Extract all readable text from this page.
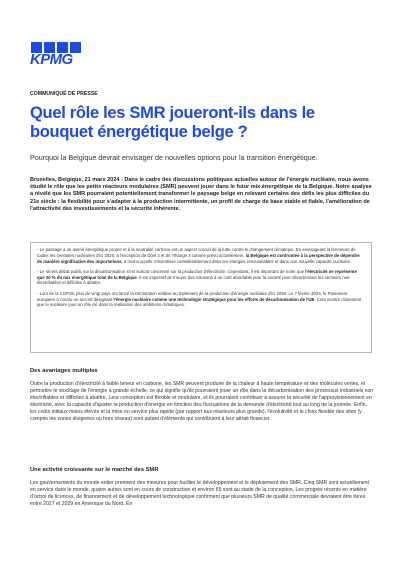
KPMG
COMMUNIQUÉ DE PRESSE
Quel rôle les SMR joueront-ils dans le bouquet énergétique belge ?

Pourquoi la Belgique devrait envisager de nouvelles options pour la transition énergétique.

Bruxelles, Belgique, 21 mars 2024 - Dans le cadre des discussions politiques actuelles autour de l'énergie nucléaire, nous avons étudié le rôle que les petits réacteurs modulaires (SMR) peuvent jouer dans le futur mix énergétique de la Belgique. Notre analyse a révélé que les SMR pourraient potentiellement transformer le paysage belge en relevant certains des défis les plus difficiles du 21e siècle : la flexibilité pour s'adapter à la production intermittente, un profil de charge de base stable et fiable, l'amélioration de l'attractivité des investissements et la sécurité inhérente.

- Le passage à un avenir énergétique propre et à la neutralité carbone est un aspect crucial de la lutte contre le changement climatique. En envisageant la fermeture de toutes les centrales nucléaires d'ici 2025, à l'exception de Doel 4 et de Tihange 3 comme prévu actuellement, la Belgique est confrontée à la perspective de dépendre de manière significative des importations, à moins qu'elle n'investisse considérablement dans les énergies renouvelables et dans une nouvelle capacité nucléaire.

- Le récent débat public sur la décarbonisation s'est surtout concentré sur la production d'électricité. Cependant, il est important de noter que l'électricité ne représente que 20 % du mix énergétique total de la Belgique. Il est impératif de trouver des solutions à un coût abordable pour la société pour décarboniser les secteurs non-électrifiables et difficiles à abattre.

- Lors de la COP28, plus de vingt pays ont lancé la Déclaration relative au triplement de la production d'énergie nucléaire d'ici 2050. Le 7 février 2024, le Parlement européen a conclu un accord désignant l'énergie nucléaire comme une technologie stratégique pour les efforts de décarbonisation de l'UE. Cela montre clairement que le nucléaire joue un rôle clé dans la réalisation des ambitions climatiques.

Des avantages multiples

Outre la production d'électricité à faible teneur en carbone, les SMR peuvent produire de la chaleur à haute température et des molécules vertes, et permettre le stockage de l'énergie à grande échelle, ce qui signifie qu'ils pourraient jouer un rôle dans la décarbonisation des processus industriels non électrifiables et difficiles à abattre. Leur conception est flexible et modulaire, et ils pourraient contribuer à assurer la sécurité de l'approvisionnement en électricité, avec la capacité d'ajuster la production d'énergie en fonction des fluctuations de la demande d'électricité tout au long de la journée. Enfin, les coûts initiaux moins élevés et la mise en service plus rapide (par rapport aux réacteurs plus grands), l'évolutivité et le choix flexible des sites (y compris les zones éloignées ou hors réseau) sont autant d'éléments qui contribuent à leur attrait financier.

Une activité croissante sur le marché des SMR

Les gouvernements du monde entier prennent des mesures pour faciliter le développement et le déploiement des SMR. Cinq SMR sont actuellement en service dans le monde, quatre autres sont en cours de construction et environ 65 sont au stade de la conception. Les progrès récents en matière d'octroi de licences, de financement et de développement technologique confirment que plusieurs SMR de qualité commerciale devraient être livrés entre 2027 et 2029 en Amérique du Nord. En
